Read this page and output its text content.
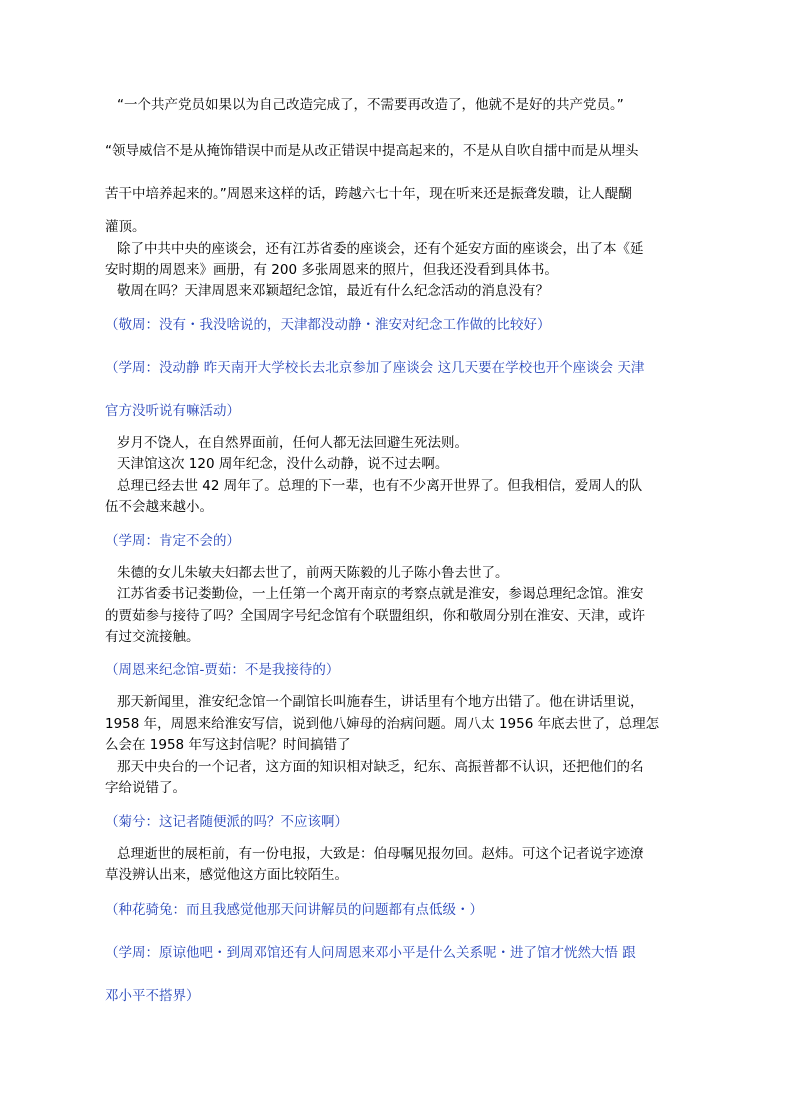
“一个共产党员如果以为自己改造完成了，不需要再改造了，他就不是好的共产党员。”
“领导威信不是从掩饰错误中而是从改正错误中提高起来的，不是从自吹自擂中而是从埋头
苦干中培养起来的。”周恩来这样的话，跨越六七十年，现在听来还是振聋发聩，让人醍醐
灌顶。
除了中共中央的座谈会，还有江苏省委的座谈会，还有个延安方面的座谈会，出了本《延
安时期的周恩来》画册，有 200 多张周恩来的照片，但我还没看到具体书。
敬周在吗？天津周恩来邓颖超纪念馆，最近有什么纪念活动的消息没有？
（敬周：没有・我没啥说的，天津都没动静・淮安对纪念工作做的比较好）
（学周：没动静 昨天南开大学校长去北京参加了座谈会 这几天要在学校也开个座谈会 天津
官方没听说有嘛活动）
岁月不饶人，在自然界面前，任何人都无法回避生死法则。
天津馆这次 120 周年纪念，没什么动静，说不过去啊。
总理已经去世 42 周年了。总理的下一辈，也有不少离开世界了。但我相信，爱周人的队
伍不会越来越小。
（学周：肯定不会的）
朱德的女儿朱敏夫妇都去世了，前两天陈毅的儿子陈小鲁去世了。
江苏省委书记娄勤俭，一上任第一个离开南京的考察点就是淮安，参谒总理纪念馆。淮安
的贾茹参与接待了吗？全国周字号纪念馆有个联盟组织，你和敬周分别在淮安、天津，或许
有过交流接触。
（周恩来纪念馆-贾茹：不是我接待的）
那天新闻里，淮安纪念馆一个副馆长叫施春生，讲话里有个地方出错了。他在讲话里说，
1958 年，周恩来给淮安写信，说到他八婶母的治病问题。周八太 1956 年底去世了，总理怎
么会在 1958 年写这封信呢？时间搞错了
那天中央台的一个记者，这方面的知识相对缺乏，纪东、高振普都不认识，还把他们的名
字给说错了。
（菊兮：这记者随便派的吗？不应该啊）
总理逝世的展柜前，有一份电报，大致是：伯母嘱见报勿回。赵炜。可这个记者说字迹潦
草没辨认出来，感觉他这方面比较陌生。
（种花骑兔：而且我感觉他那天问讲解员的问题都有点低级・）
（学周：原谅他吧・到周邓馆还有人问周恩来邓小平是什么关系呢・进了馆才恍然大悟 跟
邓小平不搭界）
